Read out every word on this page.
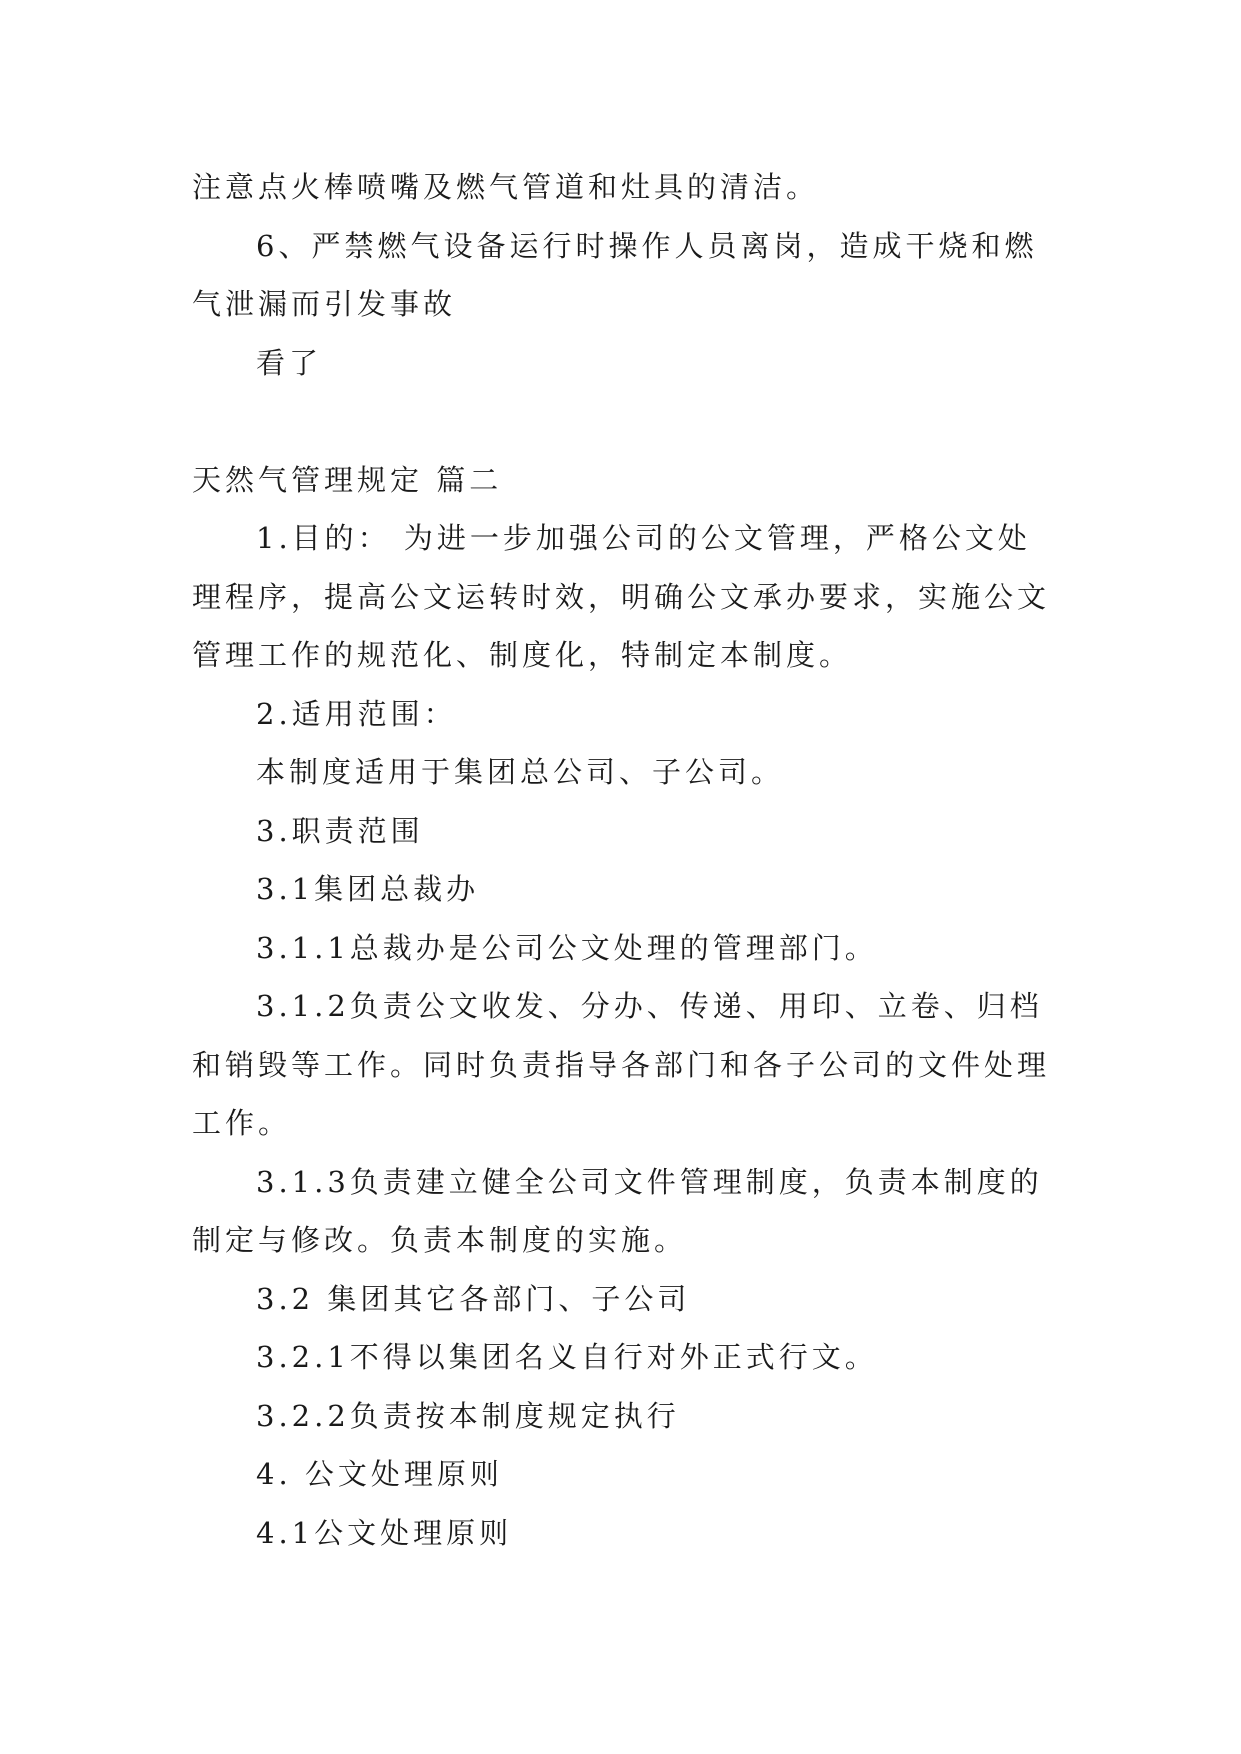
注意点火棒喷嘴及燃气管道和灶具的清洁。
6、严禁燃气设备运行时操作人员离岗，造成干烧和燃
气泄漏而引发事故
看了
天然气管理规定 篇二
1.目的： 为进一步加强公司的公文管理，严格公文处
理程序，提高公文运转时效，明确公文承办要求，实施公文
管理工作的规范化、制度化，特制定本制度。
2.适用范围：
本制度适用于集团总公司、子公司。
3.职责范围
3.1集团总裁办
3.1.1总裁办是公司公文处理的管理部门。
3.1.2负责公文收发、分办、传递、用印、立卷、归档
和销毁等工作。同时负责指导各部门和各子公司的文件处理
工作。
3.1.3负责建立健全公司文件管理制度，负责本制度的
制定与修改。负责本制度的实施。
3.2 集团其它各部门、子公司
3.2.1不得以集团名义自行对外正式行文。
3.2.2负责按本制度规定执行
4. 公文处理原则
4.1公文处理原则
